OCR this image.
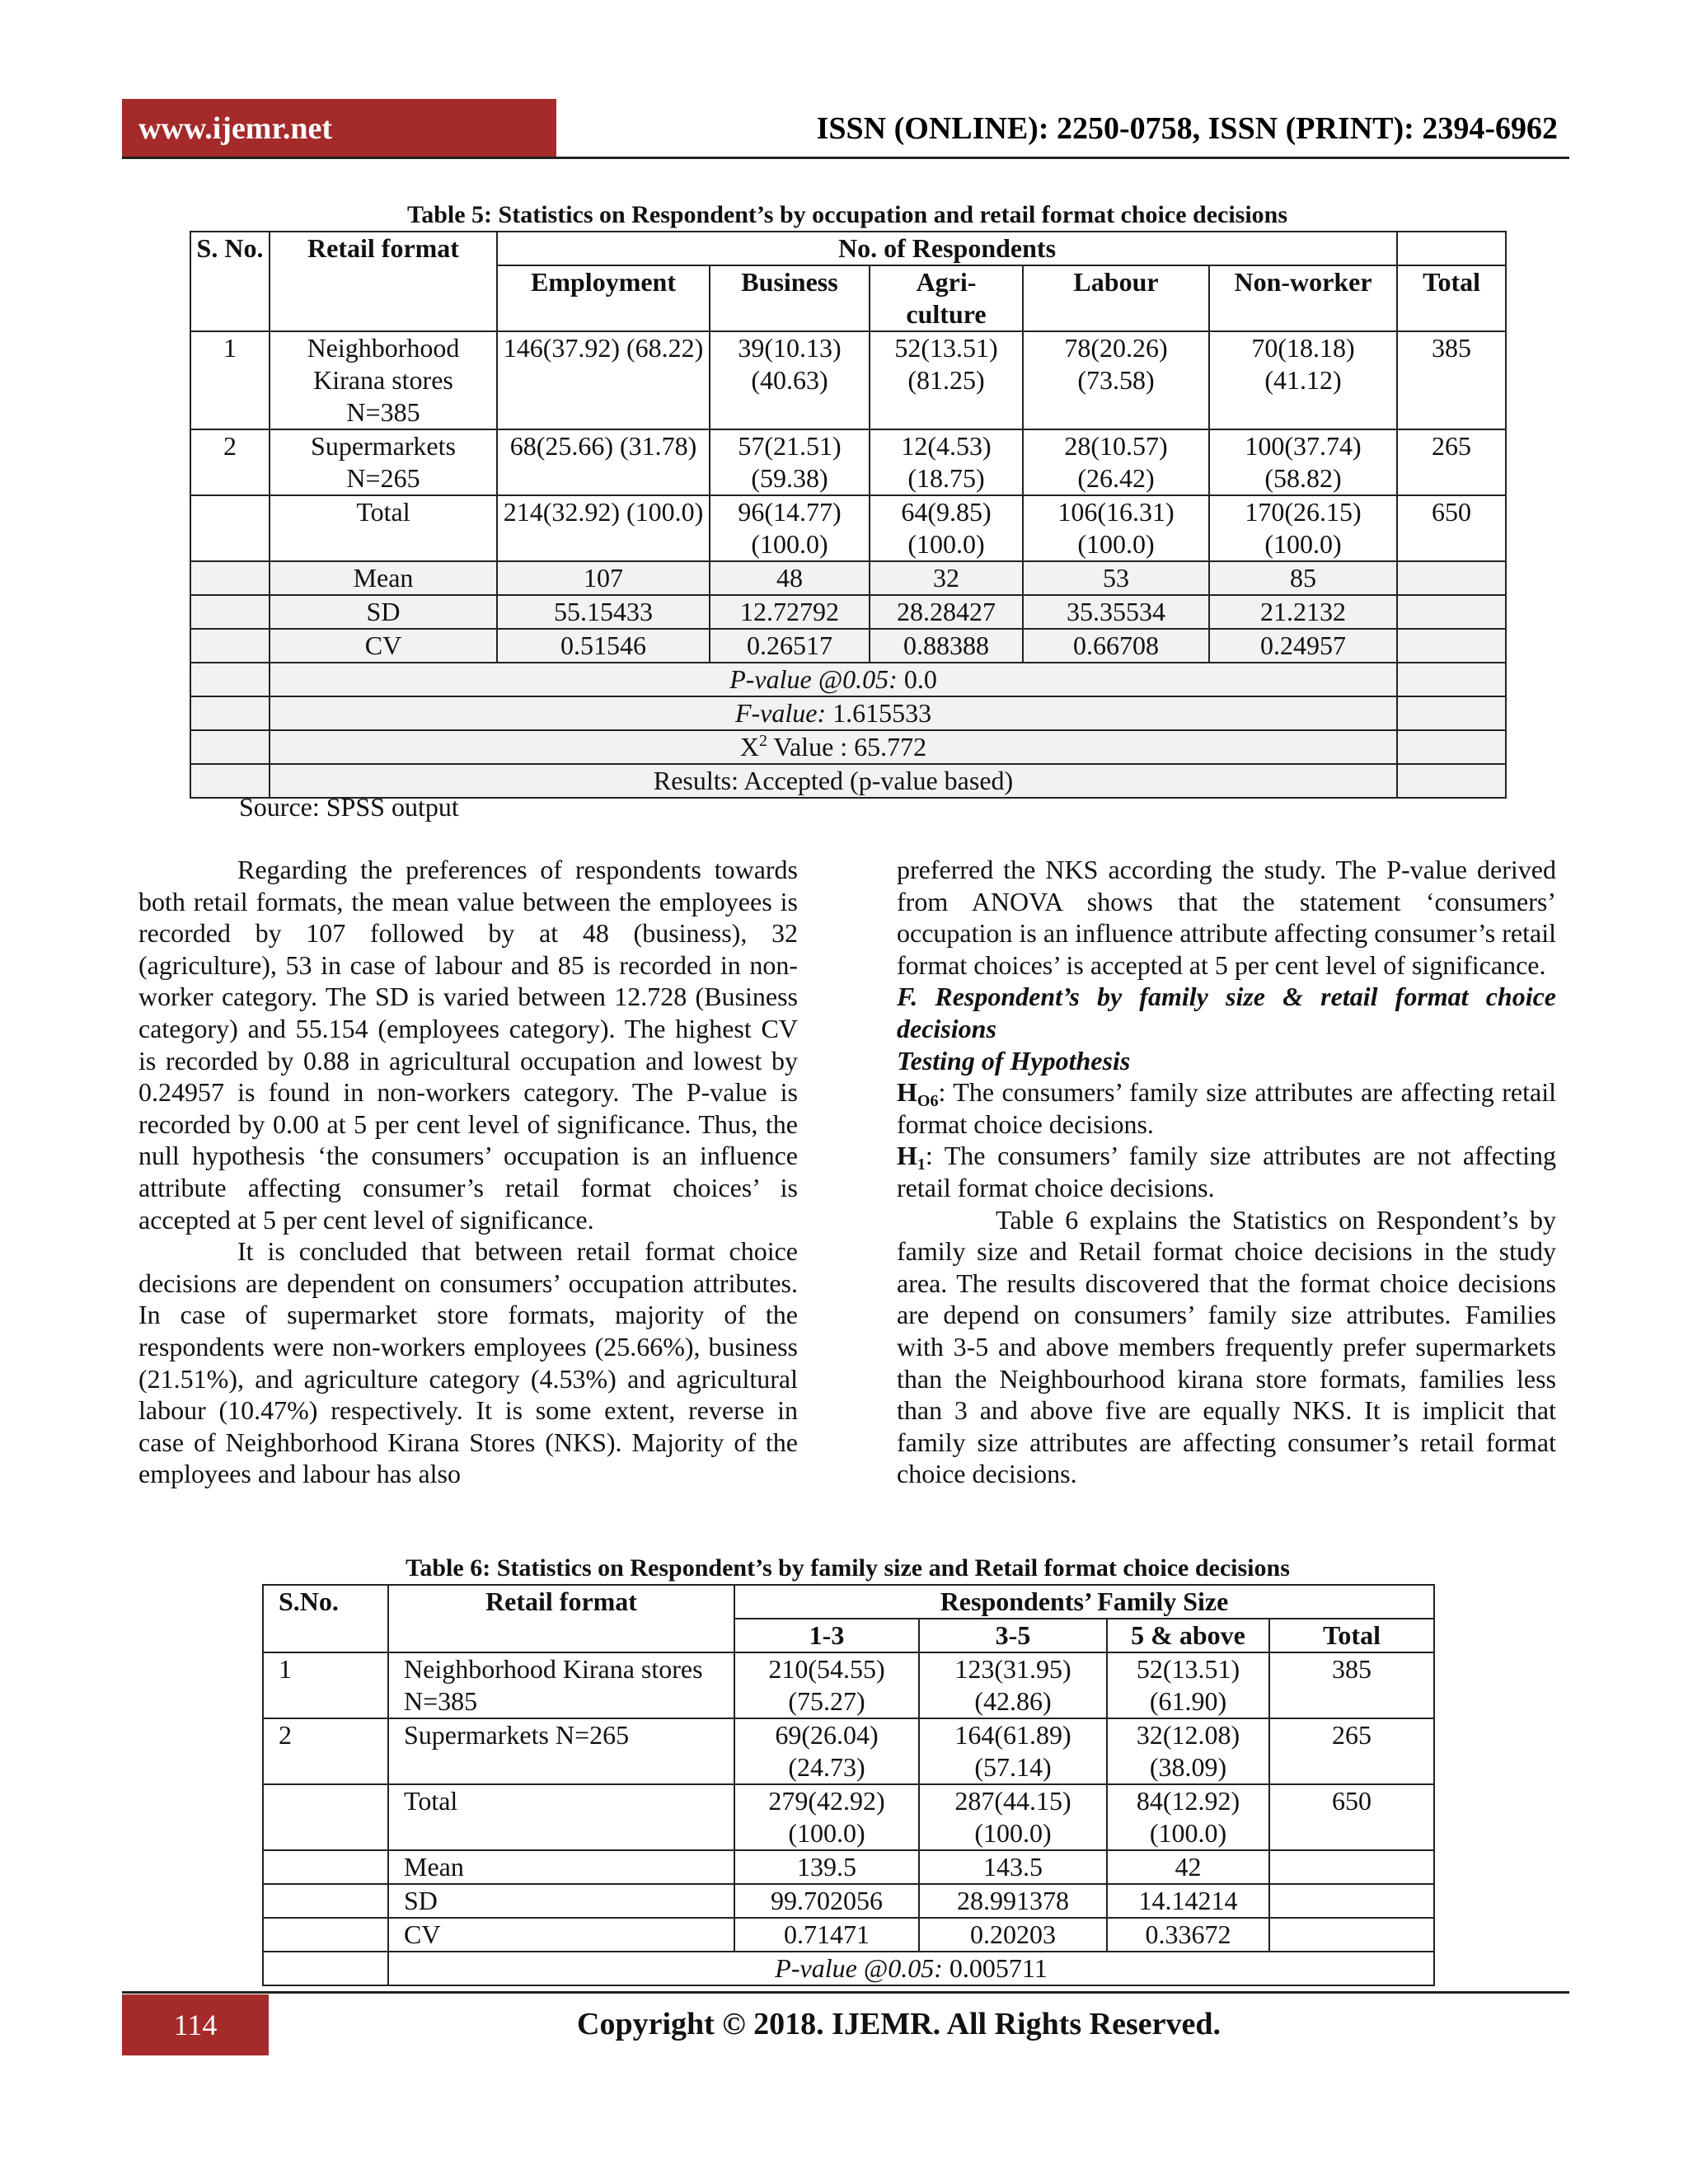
www.ijemr.net	ISSN (ONLINE): 2250-0758, ISSN (PRINT): 2394-6962
Table 5: Statistics on Respondent’s by occupation and retail format choice decisions
S. No.	Retail format	No. of Respondents					
		Employment	Business	Agri- culture	Labour	Non-worker	Total
1	Neighborhood Kirana stores N=385	146(37.92) (68.22)	39(10.13) (40.63)	52(13.51) (81.25)	78(20.26) (73.58)	70(18.18) (41.12)	385
2	Supermarkets N=265	68(25.66) (31.78)	57(21.51) (59.38)	12(4.53) (18.75)	28(10.57) (26.42)	100(37.74) (58.82)	265
	Total	214(32.92) (100.0)	96(14.77) (100.0)	64(9.85) (100.0)	106(16.31) (100.0)	170(26.15) (100.0)	650
	Mean	107	48	32	53	85	
	SD	55.15433	12.72792	28.28427	35.35534	21.2132	
	CV	0.51546	0.26517	0.88388	0.66708	0.24957	
	P-value @0.05: 0.0						
	F-value: 1.615533						
	$X^2$ Value : 65.772						
	Results: Accepted (p-value based)						
Source: SPSS output

Regarding the preferences of respondents towards both retail formats, the mean value between the employees is recorded by 107 followed by at 48 (business), 32 (agriculture), 53 in case of labour and 85 is recorded in non-worker category. The SD is varied between 12.728 (Business category) and 55.154 (employees category). The highest CV is recorded by 0.88 in agricultural occupation and lowest by 0.24957 is found in non-workers category. The P-value is recorded by 0.00 at 5 per cent level of significance. Thus, the null hypothesis ‘the consumers’ occupation is an influence attribute affecting consumer’s retail format choices’ is accepted at 5 per cent level of significance.

It is concluded that between retail format choice decisions are dependent on consumers’ occupation attributes. In case of supermarket store formats, majority of the respondents were non-workers employees (25.66%), business (21.51%), and agriculture category (4.53%) and agricultural labour (10.47%) respectively. It is some extent, reverse in case of Neighborhood Kirana Stores (NKS). Majority of the employees and labour has also

preferred the NKS according the study. The P-value derived from ANOVA shows that the statement ‘consumers’ occupation is an influence attribute affecting consumer’s retail format choices’ is accepted at 5 per cent level of significance.

F. Respondent’s by family size & retail format choice decisions

Testing of Hypothesis

$H_{O6}$: The consumers’ family size attributes are affecting retail format choice decisions.

$H_1$: The consumers’ family size attributes are not affecting retail format choice decisions.

Table 6 explains the Statistics on Respondent’s by family size and Retail format choice decisions in the study area. The results discovered that the format choice decisions are depend on consumers’ family size attributes. Families with 3-5 and above members frequently prefer supermarkets than the Neighbourhood kirana store formats, families less than 3 and above five are equally NKS. It is implicit that family size attributes are affecting consumer’s retail format choice decisions.

Table 6: Statistics on Respondent’s by family size and Retail format choice decisions
S.No.	Retail format	Respondents’ Family Size			
		1-3	3-5	5 & above	Total
1	Neighborhood Kirana stores N=385	210(54.55) (75.27)	123(31.95) (42.86)	52(13.51) (61.90)	385
2	Supermarkets N=265	69(26.04) (24.73)	164(61.89) (57.14)	32(12.08) (38.09)	265
	Total	279(42.92) (100.0)	287(44.15) (100.0)	84(12.92) (100.0)	650
	Mean	139.5	143.5	42	
	SD	99.702056	28.991378	14.14214	
	CV	0.71471	0.20203	0.33672	
	P-value @0.05: 0.005711				
114	Copyright © 2018. IJEMR. All Rights Reserved.
